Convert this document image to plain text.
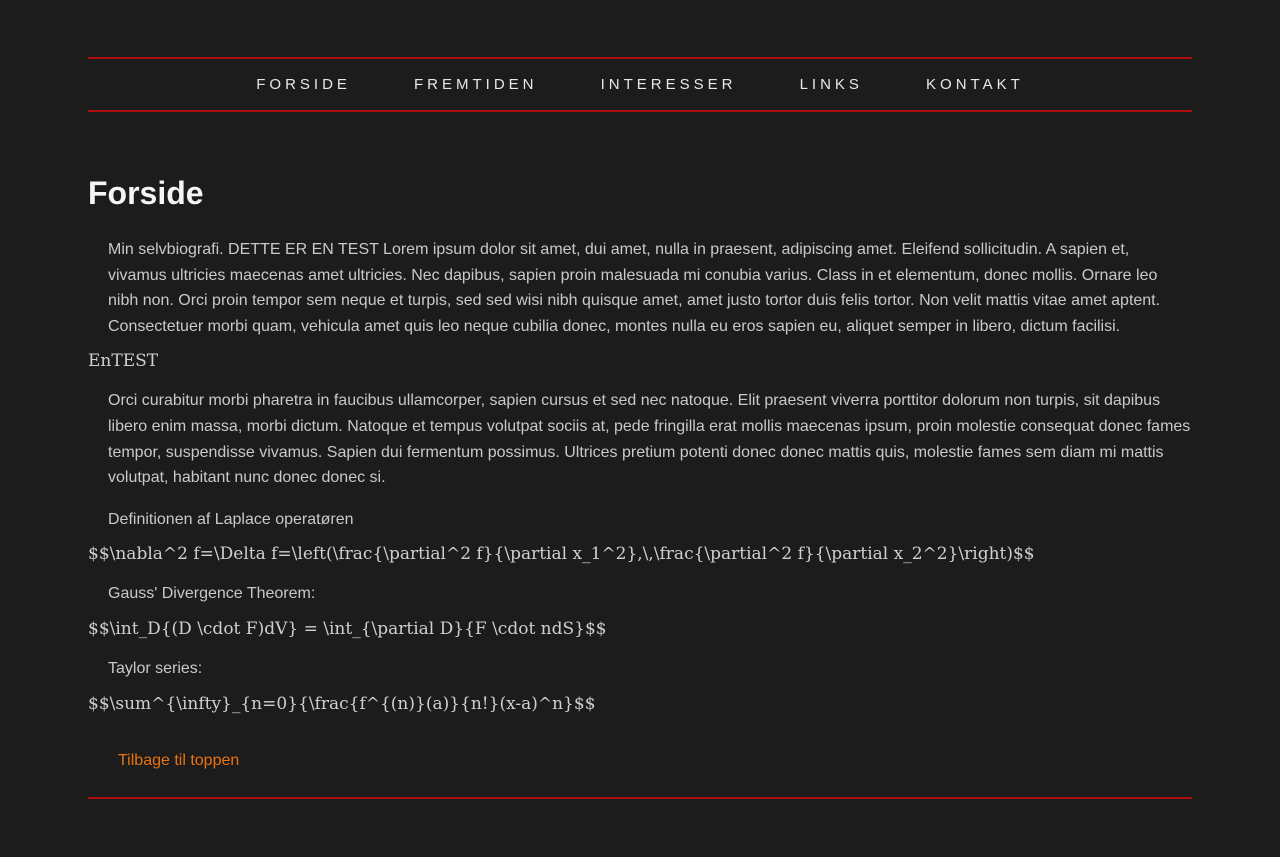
FORSIDE	FREMTIDEN	INTERESSER	LINKS	KONTAKT
Forside

Min selvbiografi. DETTE ER EN TEST Lorem ipsum dolor sit amet, dui amet, nulla in praesent, adipiscing amet. Eleifend sollicitudin. A sapien et, vivamus ultricies maecenas amet ultricies. Nec dapibus, sapien proin malesuada mi conubia varius. Class in et elementum, donec mollis. Ornare leo nibh non. Orci proin tempor sem neque et turpis, sed sed wisi nibh quisque amet, amet justo tortor duis felis tortor. Non velit mattis vitae amet aptent. Consectetuer morbi quam, vehicula amet quis leo neque cubilia donec, montes nulla eu eros sapien eu, aliquet semper in libero, dictum facilisi.

EnTEST

Orci curabitur morbi pharetra in faucibus ullamcorper, sapien cursus et sed nec natoque. Elit praesent viverra porttitor dolorum non turpis, sit dapibus libero enim massa, morbi dictum. Natoque et tempus volutpat sociis at, pede fringilla erat mollis maecenas ipsum, proin molestie consequat donec fames tempor, suspendisse vivamus. Sapien dui fermentum possimus. Ultrices pretium potenti donec donec mattis quis, molestie fames sem diam mi mattis volutpat, habitant nunc donec donec si.

Definitionen af Laplace operatøren

$$\nabla^2 f=\Delta f=\left(\frac{\partial^2 f}{\partial x_1^2},\,\frac{\partial^2 f}{\partial x_2^2}\right)$$

Gauss' Divergence Theorem:

$$\int_D{(D \cdot F)dV} = \int_{\partial D}{F \cdot ndS}$$

Taylor series:

$$\sum^{\infty}_{n=0}{\frac{f^{(n)}(a)}{n!}(x-a)^n}$$

Tilbage til toppen
